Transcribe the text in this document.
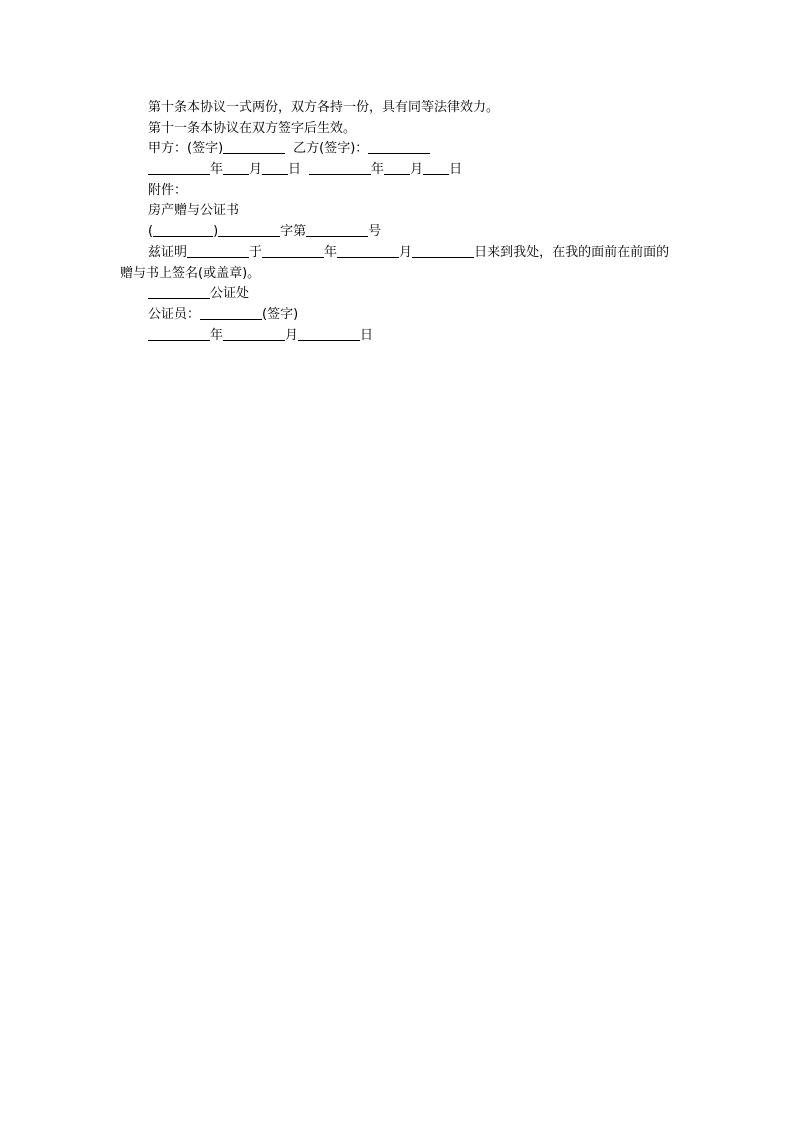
第十条本协议一式两份，双方各持一份，具有同等法律效力。
第十一条本协议在双方签字后生效。
甲方：(签字)	乙方(签字)：
年 月 日	年 月 日
附件：
房产赠与公证书
(	)	字第	号
兹证明	于	年	月	日来到我处，在我的面前在前面的赠与书上签名(或盖章)。
公证处
公证员：	(签字)
年	月	日
